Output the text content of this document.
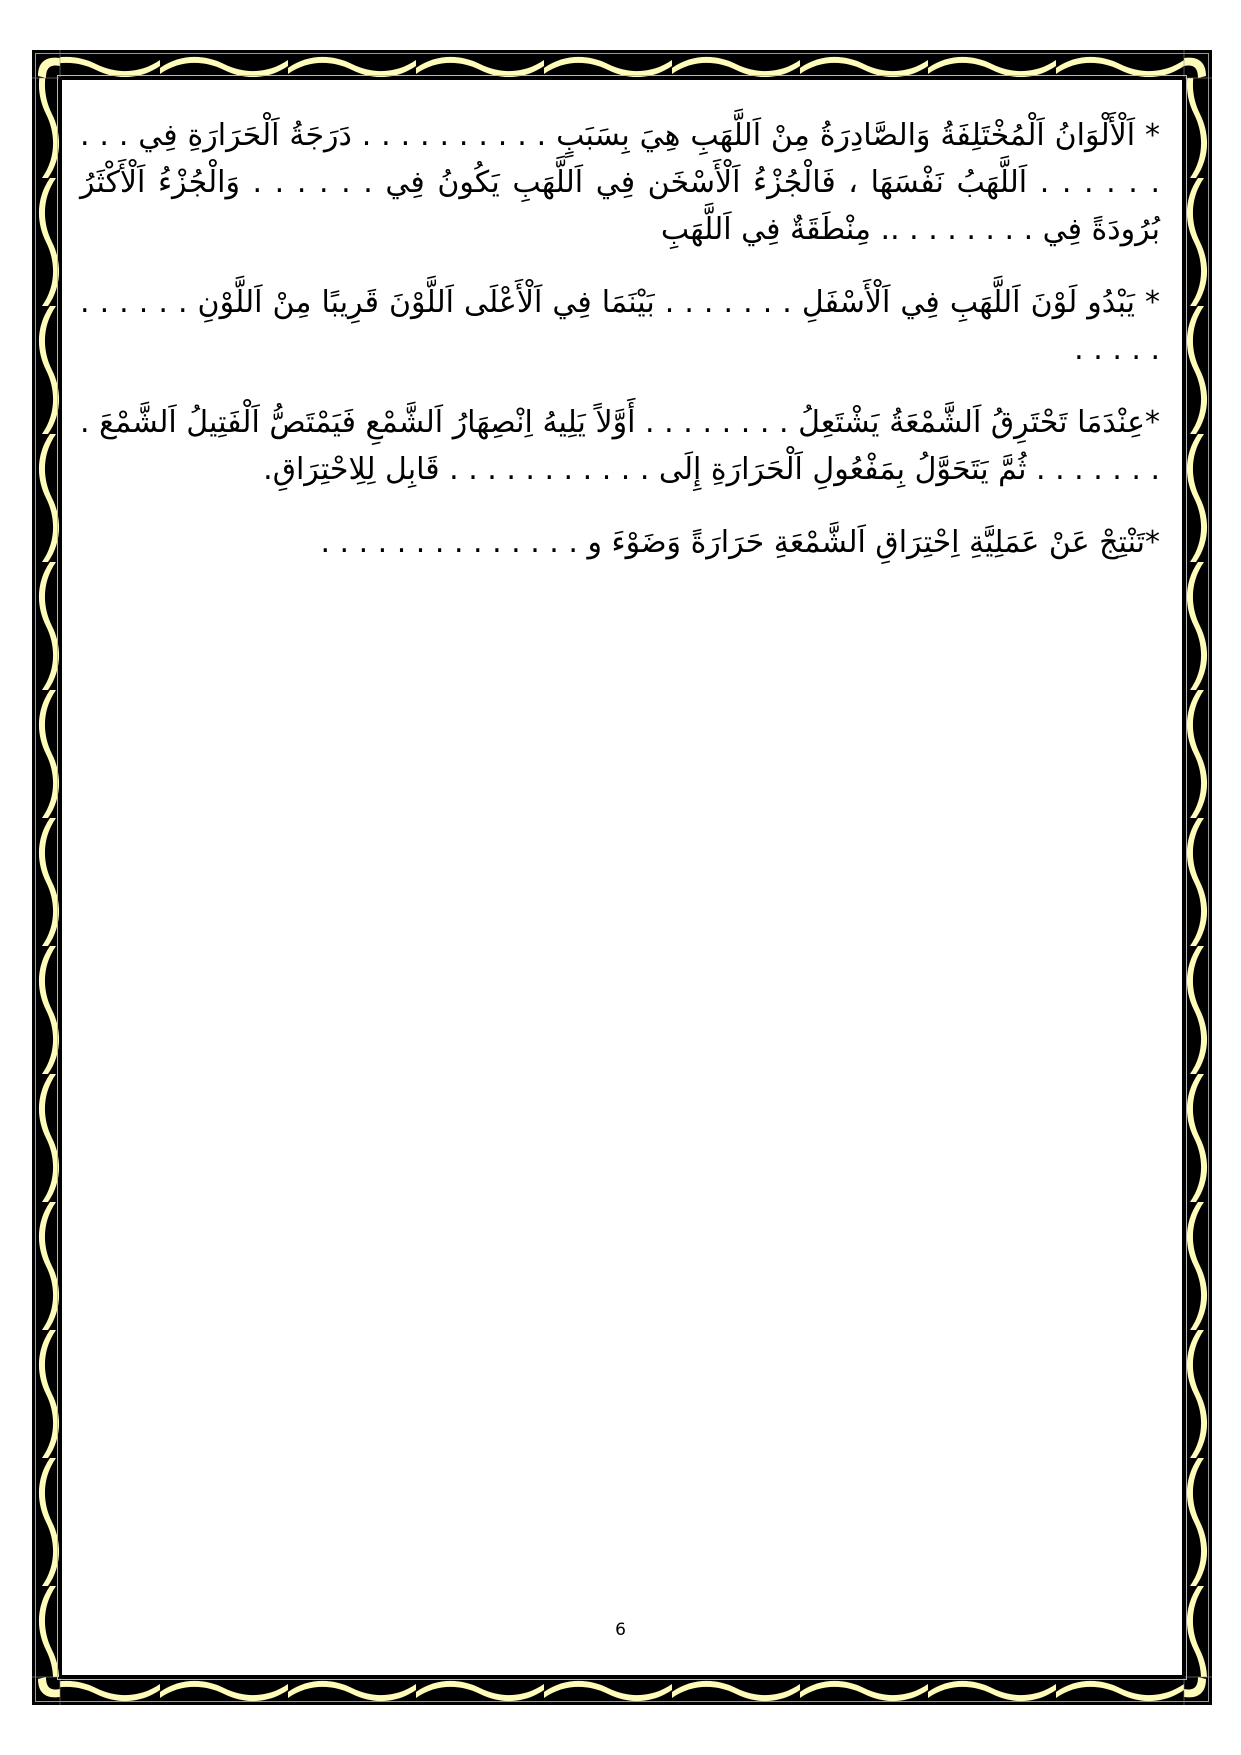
* اَلْأَلْوَانُ اَلْمُخْتَلِفَةُ وَالصَّادِرَةُ مِنْ اَللَّهَبِ هِيَ بِسَبَبٍ . . . . . . . . . . دَرَجَةُ اَلْحَرَارَةِ فِي . . . . . . . . . اَللَّهَبُ نَفْسَهَا ، فَالْجُزْءُ اَلْأَسْخَن فِي اَللَّهَبِ يَكُونُ فِي . . . . . . وَالْجُزْءُ اَلْأَكْثَرُ بُرُودَةً فِي . . . . . . . .. مِنْطَقَةٌ فِي اَللَّهَبِ

* يَبْدُو لَوْنَ اَللَّهَبِ فِي اَلْأَسْفَلِ . . . . . . . بَيْنَمَا فِي اَلْأَعْلَى اَللَّوْنَ قَرِيبًا مِنْ اَللَّوْنِ . . . . . . . . . . .

*عِنْدَمَا تَحْتَرِقُ اَلشَّمْعَةُ يَشْتَعِلُ . . . . . . . . أَوَّلاً يَلِيهُ اِنْصِهَارُ اَلشَّمْعِ فَيَمْتَصُّ اَلْفَتِيلُ اَلشَّمْعَ . . . . . . . . ثُمَّ يَتَحَوَّلُ بِمَفْعُولِ اَلْحَرَارَةِ إِلَى . . . . . . . . . . . قَابِل لِلِاحْتِرَاقِ.

*تَنْتِجْ عَنْ عَمَلِيَّةِ اِحْتِرَاقِ اَلشَّمْعَةِ حَرَارَةً وَضَوْءَ و . . . . . . . . . . . . . .

6
